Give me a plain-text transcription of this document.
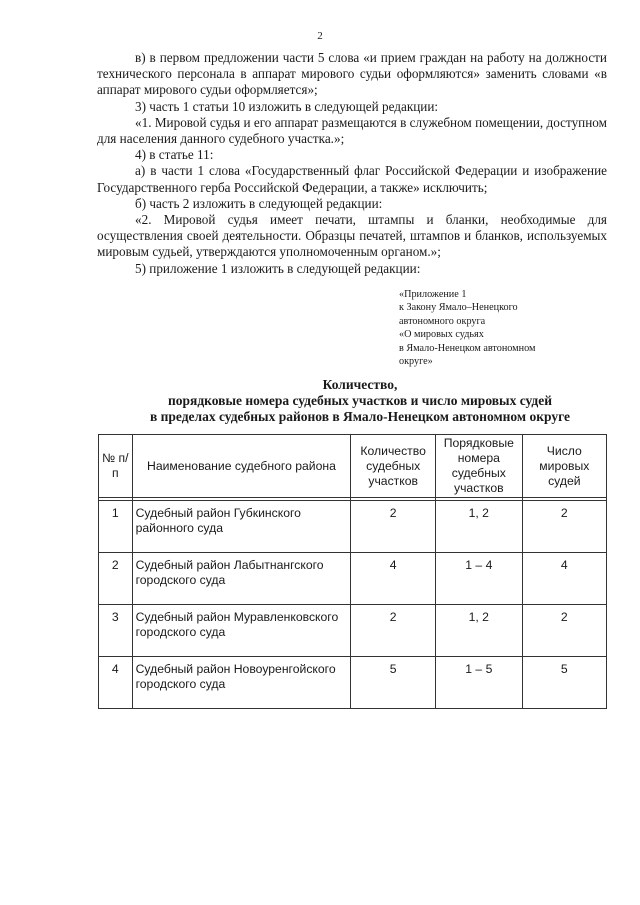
2

в) в первом предложении части 5 слова «и прием граждан на работу на должности технического персонала в аппарат мирового судьи оформляются» заменить словами «в аппарат мирового судьи оформляется»;

3) часть 1 статьи 10 изложить в следующей редакции:

«1. Мировой судья и его аппарат размещаются в служебном помещении, доступном для населения данного судебного участка.»;

4) в статье 11:

а) в части 1 слова «Государственный флаг Российской Федерации и изображение Государственного герба Российской Федерации, а также» исключить;

б) часть 2 изложить в следующей редакции:

«2. Мировой судья имеет печати, штампы и бланки, необходимые для осуществления своей деятельности. Образцы печатей, штампов и бланков, используемых мировым судьей, утверждаются уполномоченным органом.»;

5) приложение 1 изложить в следующей редакции:

«Приложение 1
к Закону Ямало–Ненецкого
автономного округа
«О мировых судьях
в Ямало-Ненецком автономном
округе»
Количество,
порядковые номера судебных участков и число мировых судей
в пределах судебных районов в Ямало-Ненецком автономном округе
№ п/п	Наименование судебного района	Количество судебных участков	Порядковые номера судебных участков	Число мировых судей

1	Судебный район Губкинского районного суда	2	1, 2	2
2	Судебный район Лабытнангского городского суда	4	1 – 4	4
3	Судебный район Муравленковского городского суда	2	1, 2	2
4	Судебный район Новоуренгойского городского суда	5	1 – 5	5
